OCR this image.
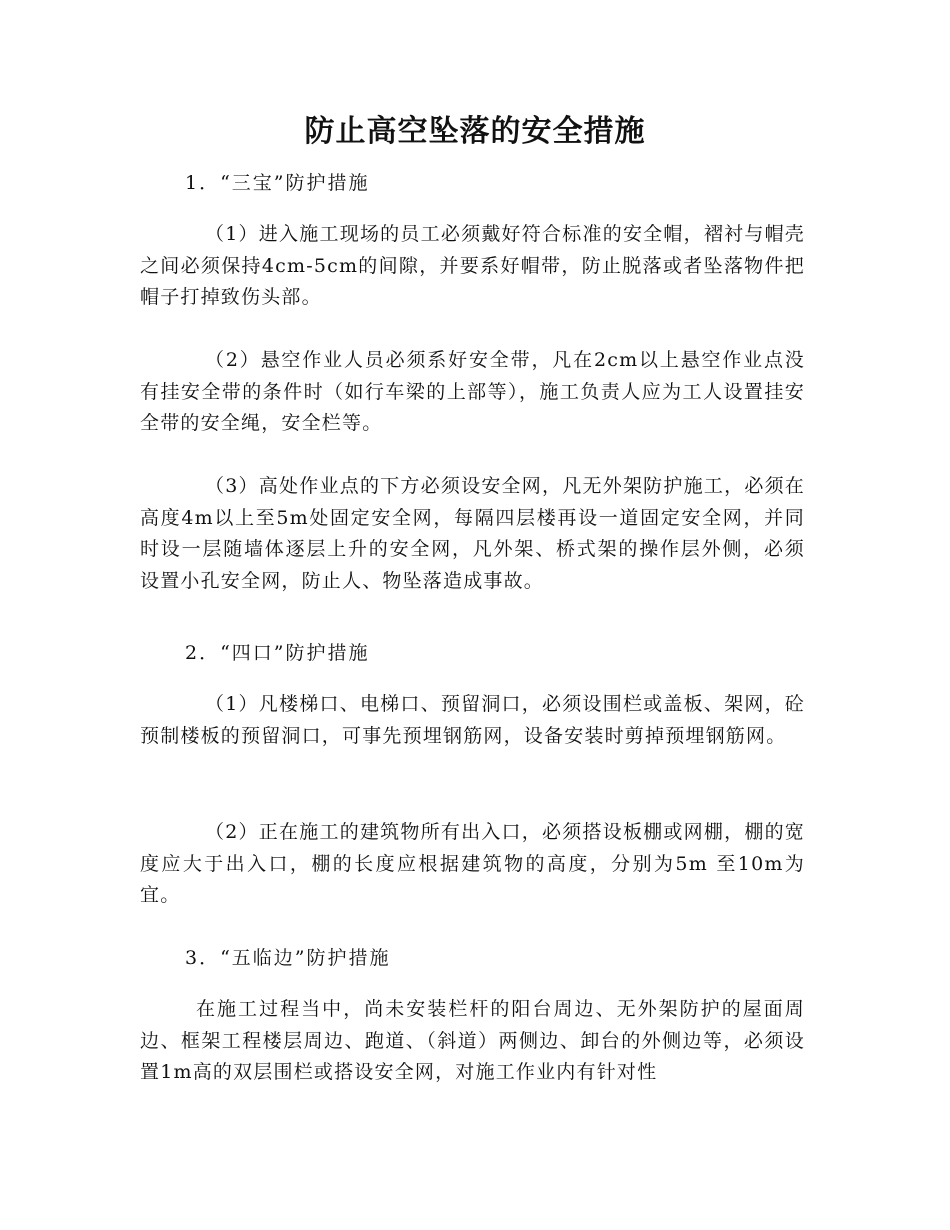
防止高空坠落的安全措施
1．“三宝”防护措施
（1）进入施工现场的员工必须戴好符合标准的安全帽，褶衬与帽壳之间必须保持4cm-5cm的间隙，并要系好帽带，防止脱落或者坠落物件把帽子打掉致伤头部。
（2）悬空作业人员必须系好安全带，凡在2cm以上悬空作业点没有挂安全带的条件时（如行车梁的上部等），施工负责人应为工人设置挂安全带的安全绳，安全栏等。
（3）高处作业点的下方必须设安全网，凡无外架防护施工，必须在高度4m以上至5m处固定安全网，每隔四层楼再设一道固定安全网，并同时设一层随墙体逐层上升的安全网，凡外架、桥式架的操作层外侧，必须设置小孔安全网，防止人、物坠落造成事故。
2．“四口”防护措施
（1）凡楼梯口、电梯口、预留洞口，必须设围栏或盖板、架网，砼预制楼板的预留洞口，可事先预埋钢筋网，设备安装时剪掉预埋钢筋网。
（2）正在施工的建筑物所有出入口，必须搭设板棚或网棚，棚的宽度应大于出入口，棚的长度应根据建筑物的高度，分别为5m 至10m为宜。
3．“五临边”防护措施
在施工过程当中，尚未安装栏杆的阳台周边、无外架防护的屋面周边、框架工程楼层周边、跑道、（斜道）两侧边、卸台的外侧边等，必须设置1m高的双层围栏或搭设安全网，对施工作业内有针对性
